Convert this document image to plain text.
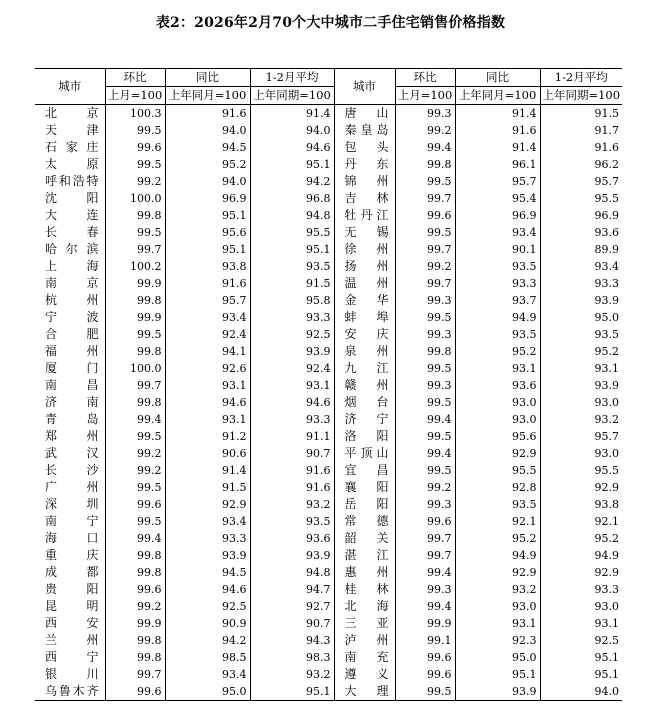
表2：2026年2月70个大中城市二手住宅销售价格指数
城市	环比	同比	1-2月平均	城市	环比	同比	1-2月平均
	上月=100	上年同月=100	上年同期=100		上月=100	上年同月=100	上年同期=100
北京	100.3	91.6	91.4	唐山	99.3	91.4	91.5
天津	99.5	94.0	94.0	秦皇岛	99.2	91.6	91.7
石家庄	99.6	94.5	94.6	包头	99.4	91.4	91.6
太原	99.5	95.2	95.1	丹东	99.8	96.1	96.2
呼和浩特	99.2	94.0	94.2	锦州	99.5	95.7	95.7
沈阳	100.0	96.9	96.8	吉林	99.7	95.4	95.5
大连	99.8	95.1	94.8	牡丹江	99.6	96.9	96.9
长春	99.5	95.6	95.5	无锡	99.5	93.4	93.6
哈尔滨	99.7	95.1	95.1	徐州	99.7	90.1	89.9
上海	100.2	93.8	93.5	扬州	99.2	93.5	93.4
南京	99.9	91.6	91.5	温州	99.7	93.3	93.3
杭州	99.8	95.7	95.8	金华	99.3	93.7	93.9
宁波	99.9	93.4	93.3	蚌埠	99.5	94.9	95.0
合肥	99.5	92.4	92.5	安庆	99.3	93.5	93.5
福州	99.8	94.1	93.9	泉州	99.8	95.2	95.2
厦门	100.0	92.6	92.4	九江	99.5	93.1	93.1
南昌	99.7	93.1	93.1	赣州	99.3	93.6	93.9
济南	99.8	94.6	94.6	烟台	99.5	93.0	93.0
青岛	99.4	93.1	93.3	济宁	99.4	93.0	93.2
郑州	99.5	91.2	91.1	洛阳	99.5	95.6	95.7
武汉	99.2	90.6	90.7	平顶山	99.4	92.9	93.0
长沙	99.2	91.4	91.6	宜昌	99.5	95.5	95.5
广州	99.5	91.5	91.6	襄阳	99.2	92.8	92.9
深圳	99.6	92.9	93.2	岳阳	99.3	93.5	93.8
南宁	99.5	93.4	93.5	常德	99.6	92.1	92.1
海口	99.4	93.3	93.6	韶关	99.7	95.2	95.2
重庆	99.8	93.9	93.9	湛江	99.7	94.9	94.9
成都	99.8	94.5	94.8	惠州	99.4	92.9	92.9
贵阳	99.6	94.6	94.7	桂林	99.3	93.2	93.3
昆明	99.2	92.5	92.7	北海	99.4	93.0	93.0
西安	99.9	90.9	90.7	三亚	99.9	93.1	93.1
兰州	99.8	94.2	94.3	泸州	99.1	92.3	92.5
西宁	99.8	98.5	98.3	南充	99.6	95.0	95.1
银川	99.7	93.4	93.2	遵义	99.6	95.1	95.1
乌鲁木齐	99.6	95.0	95.1	大理	99.5	93.9	94.0
